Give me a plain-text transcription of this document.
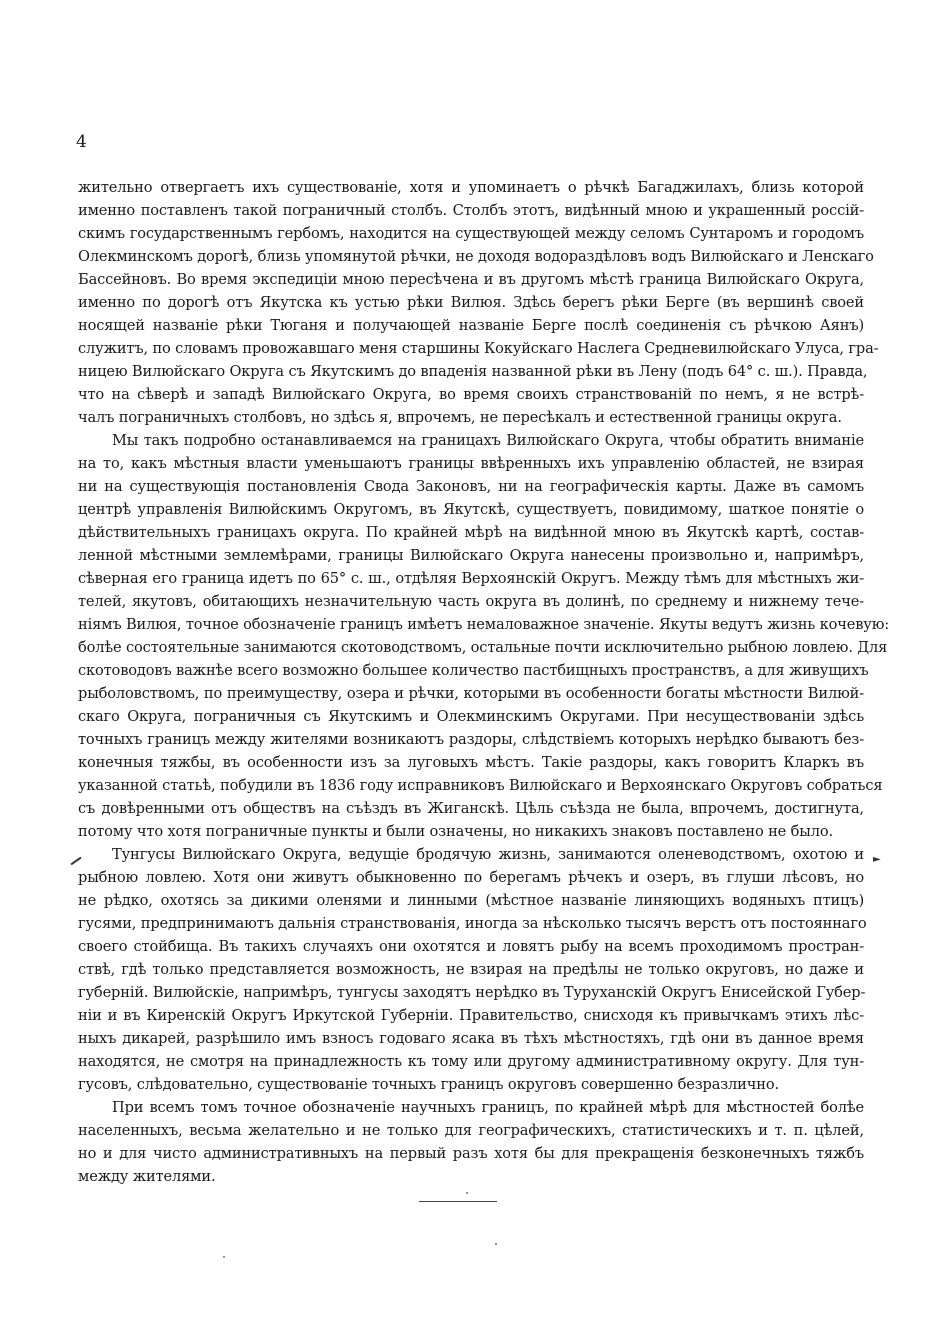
4
жительно отвергаетъ ихъ существованіе, хотя и упоминаетъ о рѣчкѣ Багаджилахъ, близь которой
именно поставленъ такой пограничный столбъ. Столбъ этотъ, видѣнный мною и украшенный россій-
скимъ государственнымъ гербомъ, находится на существующей между селомъ Сунтаромъ и городомъ
Олекминскомъ дорогѣ, близь упомянутой рѣчки, не доходя водораздѣловъ водъ Вилюйскаго и Ленскаго
Бассейновъ. Во время экспедиціи мною пересѣчена и въ другомъ мѣстѣ граница Вилюйскаго Округа,
именно по дорогѣ отъ Якутска къ устью рѣки Вилюя. Здѣсь берегъ рѣки Берге (въ вершинѣ своей
носящей названіе рѣки Тюганя и получающей названіе Берге послѣ соединенія съ рѣчкою Аянъ)
служитъ, по словамъ провожавшаго меня старшины Кокуйскаго Наслега Средневилюйскаго Улуса, гра-
ницею Вилюйскаго Округа съ Якутскимъ до впаденія названной рѣки въ Лену (подъ 64° с. ш.). Правда,
что на сѣверѣ и западѣ Вилюйскаго Округа, во время своихъ странствованій по немъ, я не встрѣ-
чалъ пограничныхъ столбовъ, но здѣсь я, впрочемъ, не пересѣкалъ и естественной границы округа.
Мы такъ подробно останавливаемся на границахъ Вилюйскаго Округа, чтобы обратить вниманіе
на то, какъ мѣстныя власти уменьшаютъ границы ввѣренныхъ ихъ управленію областей, не взирая
ни на существующія постановленія Свода Законовъ, ни на географическія карты. Даже въ самомъ
центрѣ управленія Вилюйскимъ Округомъ, въ Якутскѣ, существуетъ, повидимому, шаткое понятіе о
дѣйствительныхъ границахъ округа. По крайней мѣрѣ на видѣнной мною въ Якутскѣ картѣ, состав-
ленной мѣстными землемѣрами, границы Вилюйскаго Округа нанесены произвольно и, напримѣръ,
сѣверная его граница идетъ по 65° с. ш., отдѣляя Верхоянскій Округъ. Между тѣмъ для мѣстныхъ жи-
телей, якутовъ, обитающихъ незначительную часть округа въ долинѣ, по среднему и нижнему тече-
ніямъ Вилюя, точное обозначеніе границъ имѣетъ немаловажное значеніе. Якуты ведутъ жизнь кочевую:
болѣе состоятельные занимаются скотоводствомъ, остальные почти исключительно рыбною ловлею. Для
скотоводовъ важнѣе всего возможно большее количество пастбищныхъ пространствъ, а для живущихъ
рыболовствомъ, по преимуществу, озера и рѣчки, которыми въ особенности богаты мѣстности Вилюй-
скаго Округа, пограничныя съ Якутскимъ и Олекминскимъ Округами. При несуществованіи здѣсь
точныхъ границъ между жителями возникаютъ раздоры, слѣдствіемъ которыхъ нерѣдко бываютъ без-
конечныя тяжбы, въ особенности изъ за луговыхъ мѣстъ. Такіе раздоры, какъ говоритъ Кларкъ въ
указанной статьѣ, побудили въ 1836 году исправниковъ Вилюйскаго и Верхоянскаго Округовъ собраться
съ довѣренными отъ обществъ на съѣздъ въ Жиганскѣ. Цѣль съѣзда не была, впрочемъ, достигнута,
потому что хотя пограничные пункты и были означены, но никакихъ знаковъ поставлено не было.
Тунгусы Вилюйскаго Округа, ведущіе бродячую жизнь, занимаются оленеводствомъ, охотою и
рыбною ловлею. Хотя они живутъ обыкновенно по берегамъ рѣчекъ и озеръ, въ глуши лѣсовъ, но
не рѣдко, охотясь за дикими оленями и линными (мѣстное названіе линяющихъ водяныхъ птицъ)
гусями, предпринимаютъ дальнія странствованія, иногда за нѣсколько тысячъ верстъ отъ постояннаго
своего стойбища. Въ такихъ случаяхъ они охотятся и ловятъ рыбу на всемъ проходимомъ простран-
ствѣ, гдѣ только представляется возможность, не взирая на предѣлы не только округовъ, но даже и
губерній. Вилюйскіе, напримѣръ, тунгусы заходятъ нерѣдко въ Туруханскій Округъ Енисейской Губер-
ніи и въ Киренскій Округъ Иркутской Губерніи. Правительство, снисходя къ привычкамъ этихъ лѣс-
ныхъ дикарей, разрѣшило имъ взносъ годоваго ясака въ тѣхъ мѣстностяхъ, гдѣ они въ данное время
находятся, не смотря на принадлежность къ тому или другому административному округу. Для тун-
гусовъ, слѣдовательно, существованіе точныхъ границъ округовъ совершенно безразлично.
При всемъ томъ точное обозначеніе научныхъ границъ, по крайней мѣрѣ для мѣстностей болѣе
населенныхъ, весьма желательно и не только для географическихъ, статистическихъ и т. п. цѣлей,
но и для чисто административныхъ на первый разъ хотя бы для прекращенія безконечныхъ тяжбъ
между жителями.
►
